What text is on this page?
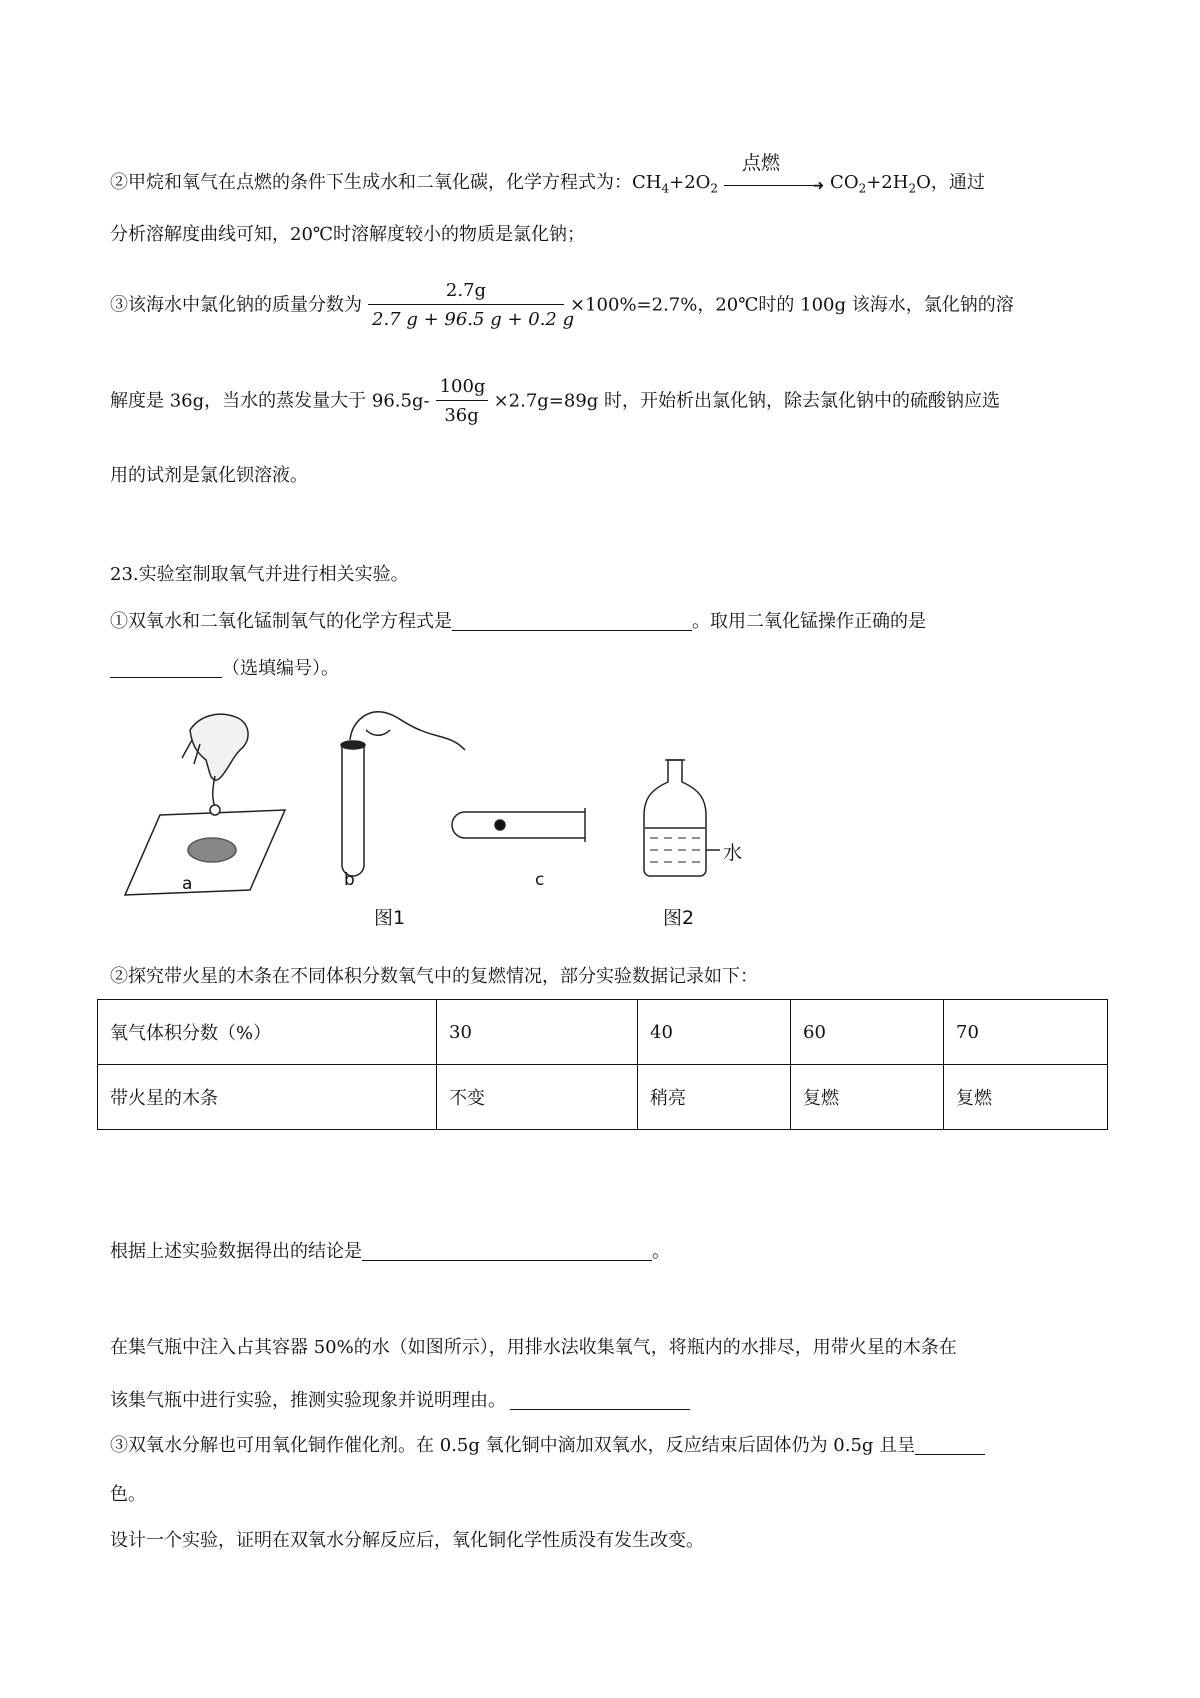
②甲烷和氧气在点燃的条件下生成水和二氧化碳，化学方程式为：$CH_4+2O_2$
点燃
➜ $CO_2+2H_2O$，通过
分析溶解度曲线可知，20℃时溶解度较小的物质是氯化钠；
③该海水中氯化钠的质量分数为 $\frac{2.7g}{2.7 g + 96.5 g + 0.2 g} \times 100\%=2.7\%$，20℃时的 100g 该海水，氯化钠的溶
解度是 36g，当水的蒸发量大于 $96.5g- \frac{100g}{36g} \times 2.7g=89g$ 时，开始析出氯化钠，除去氯化钠中的硫酸钠应选
用的试剂是氯化钡溶液。
23.实验室制取氧气并进行相关实验。
①双氧水和二氧化锰制氧气的化学方程式是	。取用二氧化锰操作正确的是
（选填编号）。
a	b	c
水
图1	图2
②探究带火星的木条在不同体积分数氧气中的复燃情况，部分实验数据记录如下：
氧气体积分数（%）	30	40	60	70
带火星的木条	不变	稍亮	复燃	复燃
根据上述实验数据得出的结论是	。
在集气瓶中注入占其容器 50%的水（如图所示），用排水法收集氧气，将瓶内的水排尽，用带火星的木条在
该集气瓶中进行实验，推测实验现象并说明理由。
③双氧水分解也可用氧化铜作催化剂。在 0.5g 氧化铜中滴加双氧水，反应结束后固体仍为 0.5g 且呈
色。
设计一个实验，证明在双氧水分解反应后，氧化铜化学性质没有发生改变。
